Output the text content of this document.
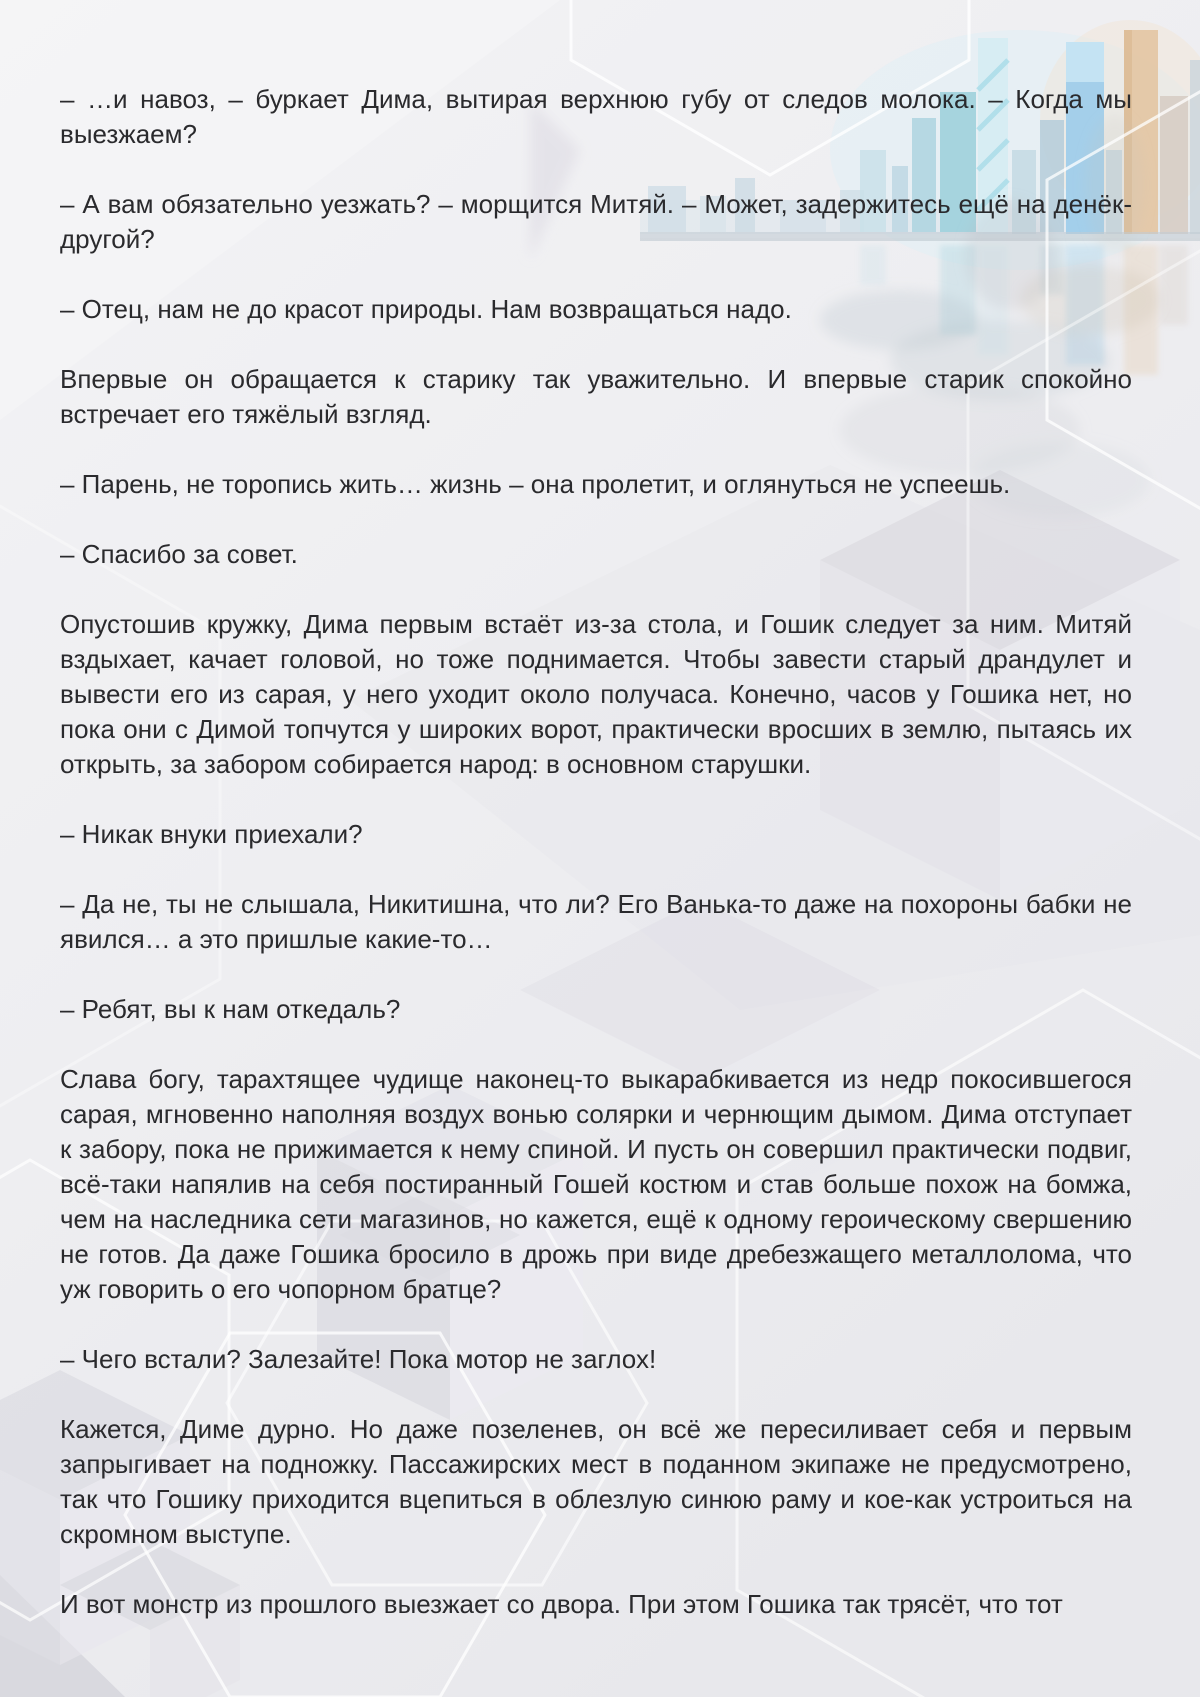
– …и навоз, – буркает Дима, вытирая верхнюю губу от следов молока. – Когда мы выезжаем?

– А вам обязательно уезжать? – морщится Митяй. – Может, задержитесь ещё на денёк-другой?

– Отец, нам не до красот природы. Нам возвращаться надо.

Впервые он обращается к старику так уважительно. И впервые старик спокойно встречает его тяжёлый взгляд.

– Парень, не торопись жить… жизнь – она пролетит, и оглянуться не успеешь.

– Спасибо за совет.

Опустошив кружку, Дима первым встаёт из-за стола, и Гошик следует за ним. Митяй вздыхает, качает головой, но тоже поднимается. Чтобы завести старый драндулет и вывести его из сарая, у него уходит около получаса. Конечно, часов у Гошика нет, но пока они с Димой топчутся у широких ворот, практически вросших в землю, пытаясь их открыть, за забором собирается народ: в основном старушки.

– Никак внуки приехали?

– Да не, ты не слышала, Никитишна, что ли? Его Ванька-то даже на похороны бабки не явился… а это пришлые какие-то…

– Ребят, вы к нам откедаль?

Слава богу, тарахтящее чудище наконец-то выкарабкивается из недр покосившегося сарая, мгновенно наполняя воздух вонью солярки и чернющим дымом. Дима отступает к забору, пока не прижимается к нему спиной. И пусть он совершил практически подвиг, всё-таки напялив на себя постиранный Гошей костюм и став больше похож на бомжа, чем на наследника сети магазинов, но кажется, ещё к одному героическому свершению не готов. Да даже Гошика бросило в дрожь при виде дребезжащего металлолома, что уж говорить о его чопорном братце?

– Чего встали? Залезайте! Пока мотор не заглох!

Кажется, Диме дурно. Но даже позеленев, он всё же пересиливает себя и первым запрыгивает на подножку. Пассажирских мест в поданном экипаже не предусмотрено, так что Гошику приходится вцепиться в облезлую синюю раму и кое-как устроиться на скромном выступе.

И вот монстр из прошлого выезжает со двора. При этом Гошика так трясёт, что тот
